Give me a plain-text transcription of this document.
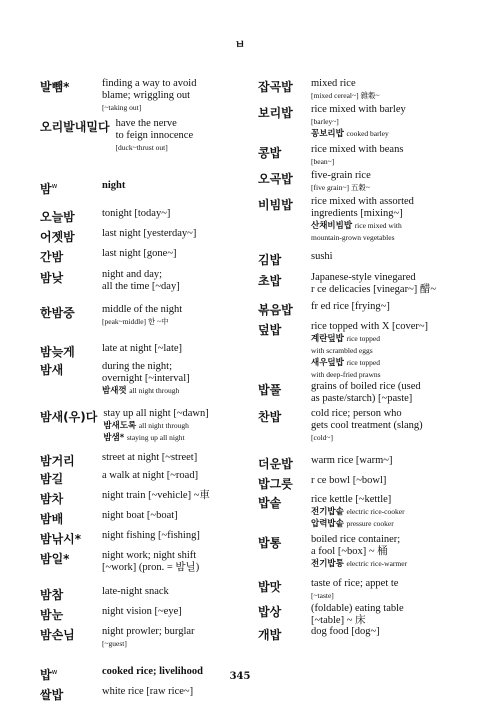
ㅂ
발뺌*	finding a way to avoid
blame; wriggling out
[~taking out]
오리발내밀다 have the nerve
to feign innocence
[duck~thrust out]
밤$^w$	night
오늘밤	tonight [today~]
어젯밤	last night [yesterday~]
간밤	last night [gone~]
밤낮	night and day;
all the time [~day]
한밤중	middle of the night
[peak~middle] 한 ~中
밤늦게	late at night [~late]
밤새	during the night;
overnight [~interval]
밤새껏 all night through
밤새(우)다 stay up all night [~dawn]
밤새도록 all night through
밤샘* staying up all night
밤거리	street at night [~street]
밤길	a walk at night [~road]
밤차	night train [~vehicle] ~車
밤배	night boat [~boat]
밤낚시*	night fishing [~fishing]
밤일*	night work; night shift
[~work] (pron. = 밤닐)
밤참	late-night snack
밤눈	night vision [~eye]
밤손님	night prowler; burglar
[~guest]
밥$^w$	cooked rice; livelihood
쌀밥	white rice [raw rice~]
잡곡밥	mixed rice
[mixed cereal~] 雜穀~
보리밥	rice mixed with barley
[barley~]
꽁보리밥 cooked barley
콩밥	rice mixed with beans
[bean~]
오곡밥	five-grain rice
[five grain~] 五穀~
비빔밥	rice mixed with assorted
ingredients [mixing~]
산채비빔밥 rice mixed with
mountain-grown vegetables
김밥	sushi
초밥	Japanese-style vinegared
r ce delicacies [vinegar~] 醋~
볶음밥	fr ed rice [frying~]
덮밥	rice topped with X [cover~]
계란덮밥 rice topped
with scrambled eggs
새우덮밥 rice topped
with deep-fried prawns
밥풀	grains of boiled rice (used
as paste/starch) [~paste]
찬밥	cold rice; person who
gets cool treatment (slang)
[cold~]
더운밥	warm rice [warm~]
밥그릇	r ce bowl [~bowl]
밥솥	rice kettle [~kettle]
전기밥솥 electric rice-cooker
압력밥솥 pressure cooker
밥통	boiled rice container;
a fool [~box] ~ 桶
전기밥통 electric rice-warmer
밥맛	taste of rice; appet te
[~taste]
밥상	(foldable) eating table
[~table] ~ 床
개밥	dog food [dog~]
345
